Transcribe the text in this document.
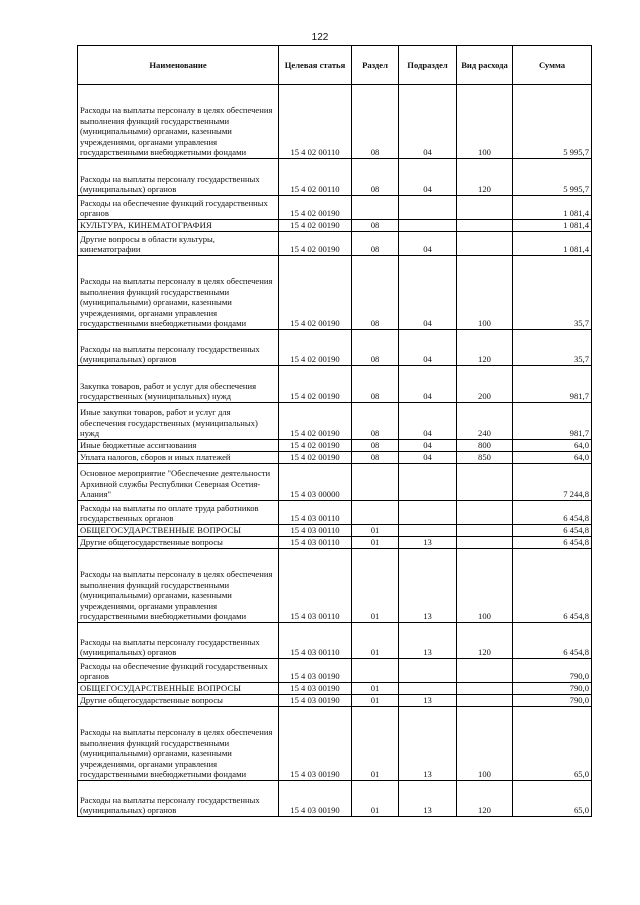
122
Наименование	Целевая статья	Раздел	Подраздел	Вид расхода	Сумма
Расходы на выплаты персоналу в целях обеспечения выполнения функций государственными (муниципальными) органами, казенными учреждениями, органами управления государственными внебюджетными фондами	15 4 02 00110	08	04	100	5 995,7
Расходы на выплаты персоналу государственных (муниципальных) органов	15 4 02 00110	08	04	120	5 995,7
Расходы на обеспечение функций государственных органов	15 4 02 00190				1 081,4
КУЛЬТУРА, КИНЕМАТОГРАФИЯ	15 4 02 00190	08			1 081,4
Другие вопросы в области культуры, кинематографии	15 4 02 00190	08	04		1 081,4
Расходы на выплаты персоналу в целях обеспечения выполнения функций государственными (муниципальными) органами, казенными учреждениями, органами управления государственными внебюджетными фондами	15 4 02 00190	08	04	100	35,7
Расходы на выплаты персоналу государственных (муниципальных) органов	15 4 02 00190	08	04	120	35,7
Закупка товаров, работ и услуг для обеспечения государственных (муниципальных) нужд	15 4 02 00190	08	04	200	981,7
Иные закупки товаров, работ и услуг для обеспечения государственных (муниципальных) нужд	15 4 02 00190	08	04	240	981,7
Иные бюджетные ассигнования	15 4 02 00190	08	04	800	64,0
Уплата налогов, сборов и иных платежей	15 4 02 00190	08	04	850	64,0
Основное мероприятие "Обеспечение деятельности Архивной службы Республики Северная Осетия-Алания"	15 4 03 00000				7 244,8
Расходы на выплаты по оплате труда работников государственных органов	15 4 03 00110				6 454,8
ОБЩЕГОСУДАРСТВЕННЫЕ ВОПРОСЫ	15 4 03 00110	01			6 454,8
Другие общегосударственные вопросы	15 4 03 00110	01	13		6 454,8
Расходы на выплаты персоналу в целях обеспечения выполнения функций государственными (муниципальными) органами, казенными учреждениями, органами управления государственными внебюджетными фондами	15 4 03 00110	01	13	100	6 454,8
Расходы на выплаты персоналу государственных (муниципальных) органов	15 4 03 00110	01	13	120	6 454,8
Расходы на обеспечение функций государственных органов	15 4 03 00190				790,0
ОБЩЕГОСУДАРСТВЕННЫЕ ВОПРОСЫ	15 4 03 00190	01			790,0
Другие общегосударственные вопросы	15 4 03 00190	01	13		790,0
Расходы на выплаты персоналу в целях обеспечения выполнения функций государственными (муниципальными) органами, казенными учреждениями, органами управления государственными внебюджетными фондами	15 4 03 00190	01	13	100	65,0
Расходы на выплаты персоналу государственных (муниципальных) органов	15 4 03 00190	01	13	120	65,0
